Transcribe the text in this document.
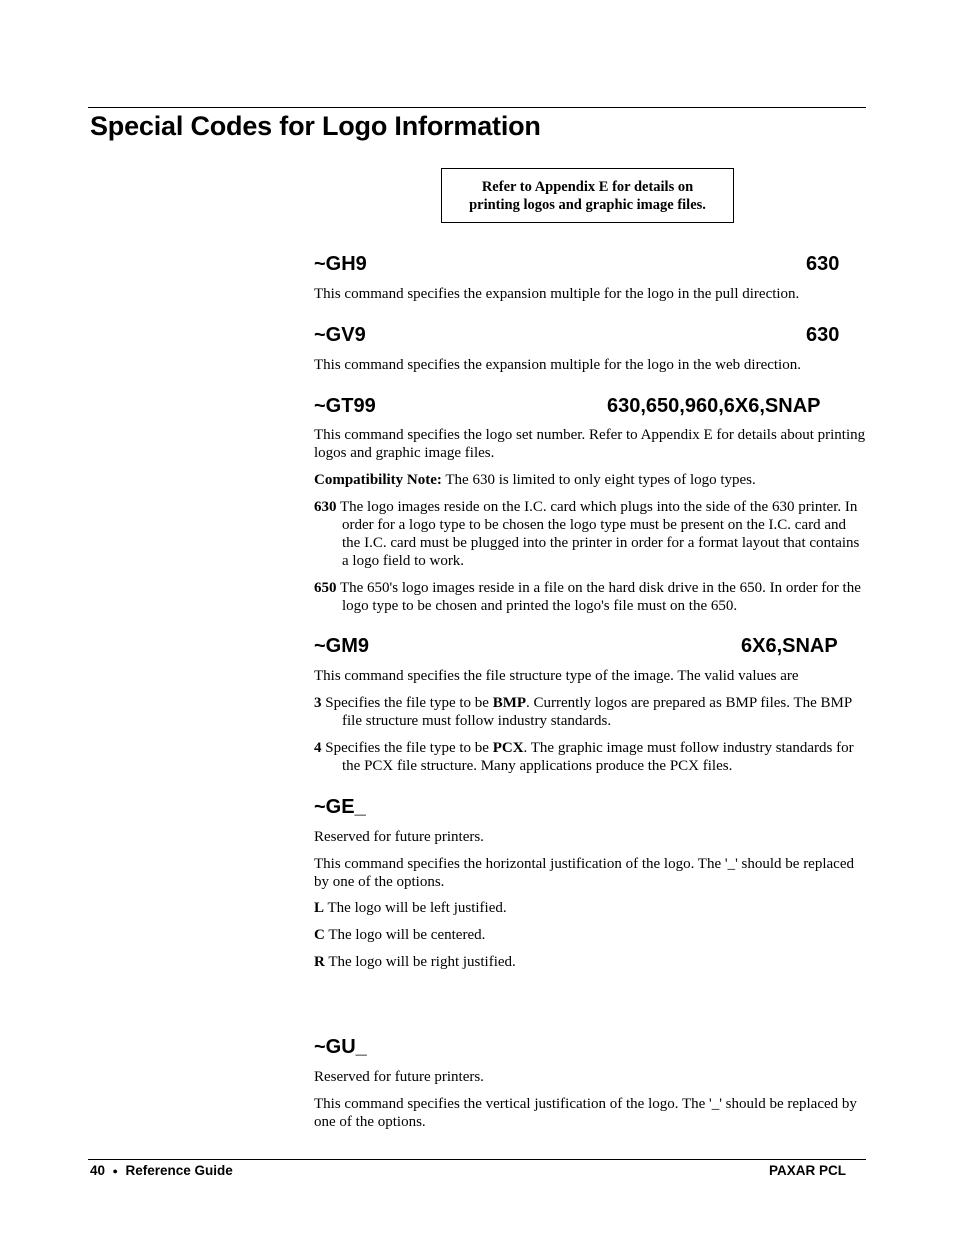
Special Codes for Logo Information
Refer to Appendix E for details on
printing logos and graphic image files.
~GH9	630

This command specifies the expansion multiple for the logo in the pull direction.

~GV9	630

This command specifies the expansion multiple for the logo in the web direction.

~GT99	630,650,960,6X6,SNAP

This command specifies the logo set number. Refer to Appendix E for details about printing logos and graphic image files.

Compatibility Note: The 630 is limited to only eight types of logo types.

630 The logo images reside on the I.C. card which plugs into the side of the 630 printer. In order for a logo type to be chosen the logo type must be present on the I.C. card and the I.C. card must be plugged into the printer in order for a format layout that contains a logo field to work.

650 The 650's logo images reside in a file on the hard disk drive in the 650. In order for the logo type to be chosen and printed the logo's file must on the 650.

~GM9	6X6,SNAP

This command specifies the file structure type of the image. The valid values are

3 Specifies the file type to be BMP. Currently logos are prepared as BMP files. The BMP file structure must follow industry standards.

4 Specifies the file type to be PCX. The graphic image must follow industry standards for the PCX file structure. Many applications produce the PCX files.

~GE_

Reserved for future printers.

This command specifies the horizontal justification of the logo. The '_' should be replaced by one of the options.

L The logo will be left justified.

C The logo will be centered.

R The logo will be right justified.

~GU_

Reserved for future printers.

This command specifies the vertical justification of the logo. The '_' should be replaced by one of the options.

40 ● Reference Guide	PAXAR PCL
